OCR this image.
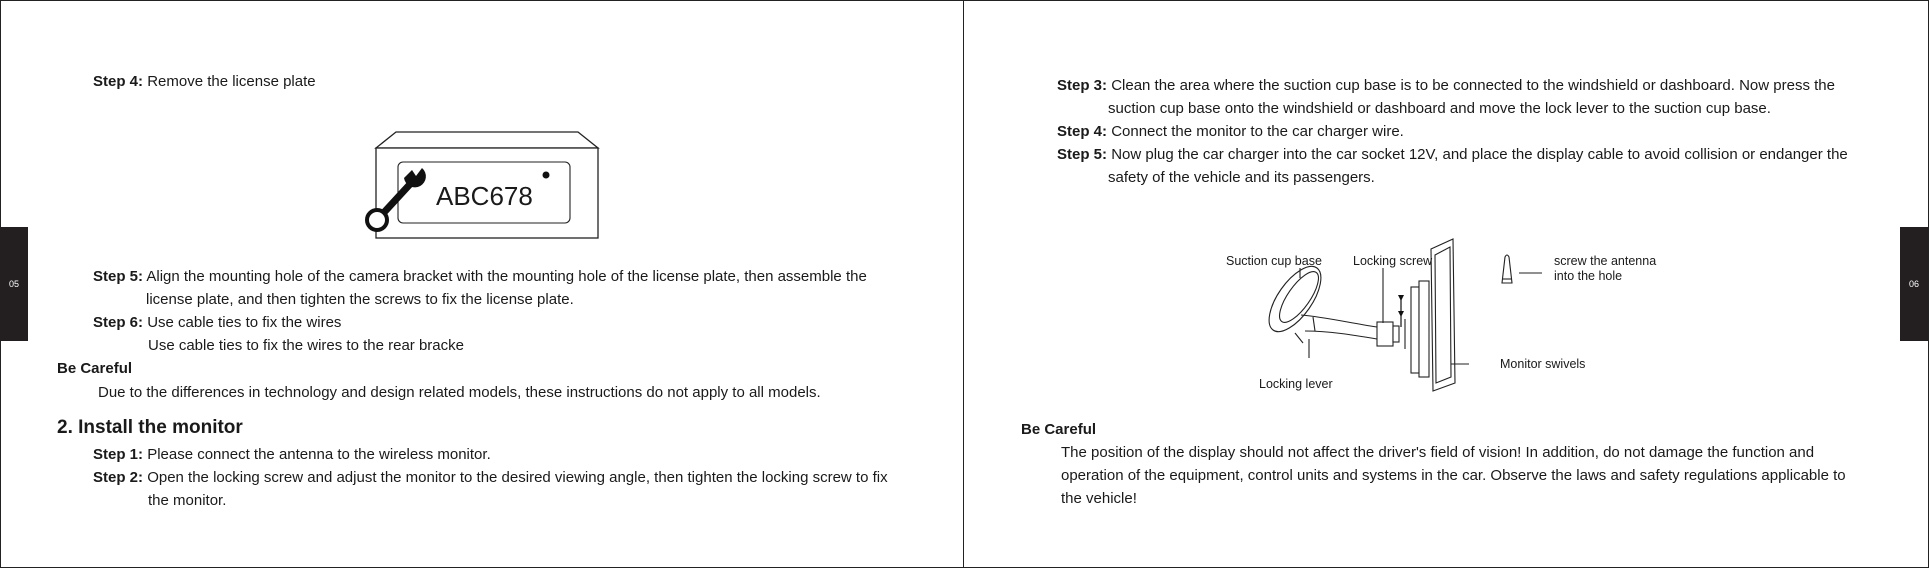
05	06
Step 4: Remove the license plate
ABC678
Step 5: Align the mounting hole of the camera bracket with the mounting hole of the license plate, then assemble the
license plate, and then tighten the screws to fix the license plate.
Step 6: Use cable ties to fix the wires
Use cable ties to fix the wires to the rear bracke
Be Careful
Due to the differences in technology and design related models, these instructions do not apply to all models.
2. Install the monitor
Step 1: Please connect the antenna to the wireless monitor.
Step 2: Open the locking screw and adjust the monitor to the desired viewing angle, then tighten the locking screw to fix
the monitor.
Step 3: Clean the area where the suction cup base is to be connected to the windshield or dashboard. Now press the
suction cup base onto the windshield or dashboard and move the lock lever to the suction cup base.
Step 4: Connect the monitor to the car charger wire.
Step 5: Now plug the car charger into the car socket 12V, and place the display cable to avoid collision or endanger the
safety of the vehicle and its passengers.
Suction cup base Locking screw	screw the antenna
into the hole
Monitor swivels
Locking lever
Be Careful
The position of the display should not affect the driver's field of vision! In addition, do not damage the function and
operation of the equipment, control units and systems in the car. Observe the laws and safety regulations applicable to
the vehicle!
